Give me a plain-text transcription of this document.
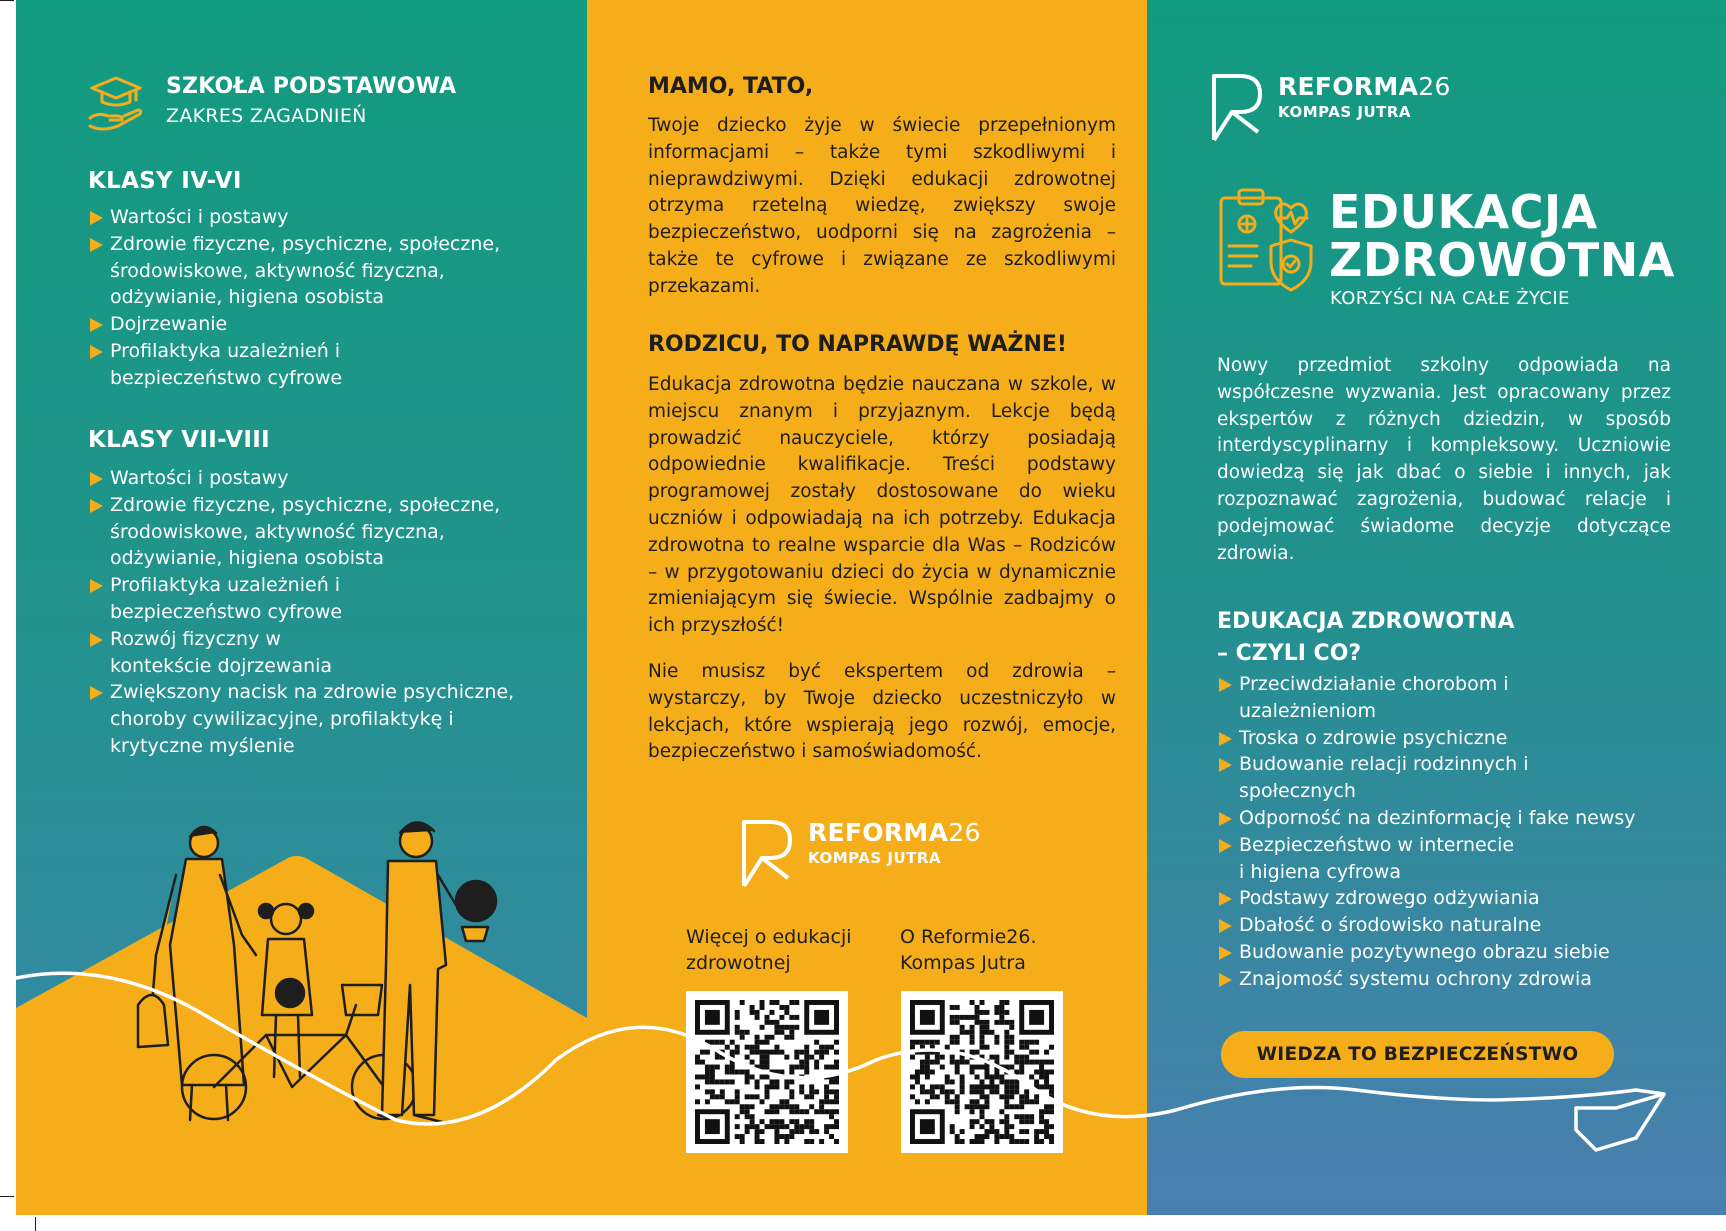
SZKOŁA PODSTAWOWA
ZAKRES ZAGADNIEŃ
KLASY IV-VI
Wartości i postawy
Zdrowie fizyczne, psychiczne, społeczne, środowiskowe, aktywność fizyczna, odżywianie, higiena osobista
Dojrzewanie
Profilaktyka uzależnień i bezpieczeństwo cyfrowe
KLASY VII-VIII
Wartości i postawy
Zdrowie fizyczne, psychiczne, społeczne, środowiskowe, aktywność fizyczna, odżywianie, higiena osobista
Profilaktyka uzależnień i bezpieczeństwo cyfrowe
Rozwój fizyczny w kontekście dojrzewania
Zwiększony nacisk na zdrowie psychiczne, choroby cywilizacyjne, profilaktykę i krytyczne myślenie
MAMO, TATO,
Twoje dziecko żyje w świecie przepełnionym informacjami – także tymi szkodliwymi i nieprawdziwymi. Dzięki edukacji zdrowotnej otrzyma rzetelną wiedzę, zwiększy swoje bezpieczeństwo, uodporni się na zagrożenia – także te cyfrowe i związane ze szkodliwymi przekazami.
RODZICU, TO NAPRAWDĘ WAŻNE!
Edukacja zdrowotna będzie nauczana w szkole, w miejscu znanym i przyjaznym. Lekcje będą prowadzić nauczyciele, którzy posiadają odpowiednie kwalifikacje. Treści podstawy programowej zostały dostosowane do wieku uczniów i odpowiadają na ich potrzeby. Edukacja zdrowotna to realne wsparcie dla Was – Rodziców – w przygotowaniu dzieci do życia w dynamicznie zmieniającym się świecie. Wspólnie zadbajmy o ich przyszłość!
Nie musisz być ekspertem od zdrowia – wystarczy, by Twoje dziecko uczestniczyło w lekcjach, które wspierają jego rozwój, emocje, bezpieczeństwo i samoświadomość.
REFORMA26
KOMPAS JUTRA
Więcej o edukacji zdrowotnej
O Reformie26. Kompas Jutra
REFORMA26
KOMPAS JUTRA
EDUKACJA
ZDROWOTNA
KORZYŚCI NA CAŁE ŻYCIE
Nowy przedmiot szkolny odpowiada na współczesne wyzwania. Jest opracowany przez ekspertów z różnych dziedzin, w sposób interdyscyplinarny i kompleksowy. Uczniowie dowiedzą się jak dbać o siebie i innych, jak rozpoznawać zagrożenia, budować relacje i podejmować świadome decyzje dotyczące zdrowia.
EDUKACJA ZDROWOTNA
– CZYLI CO?
Przeciwdziałanie chorobom i uzależnieniom
Troska o zdrowie psychiczne
Budowanie relacji rodzinnych i społecznych
Odporność na dezinformację i fake newsy
Bezpieczeństwo w internecie i higiena cyfrowa
Podstawy zdrowego odżywiania
Dbałość o środowisko naturalne
Budowanie pozytywnego obrazu siebie
Znajomość systemu ochrony zdrowia
WIEDZA TO BEZPIECZEŃSTWO
